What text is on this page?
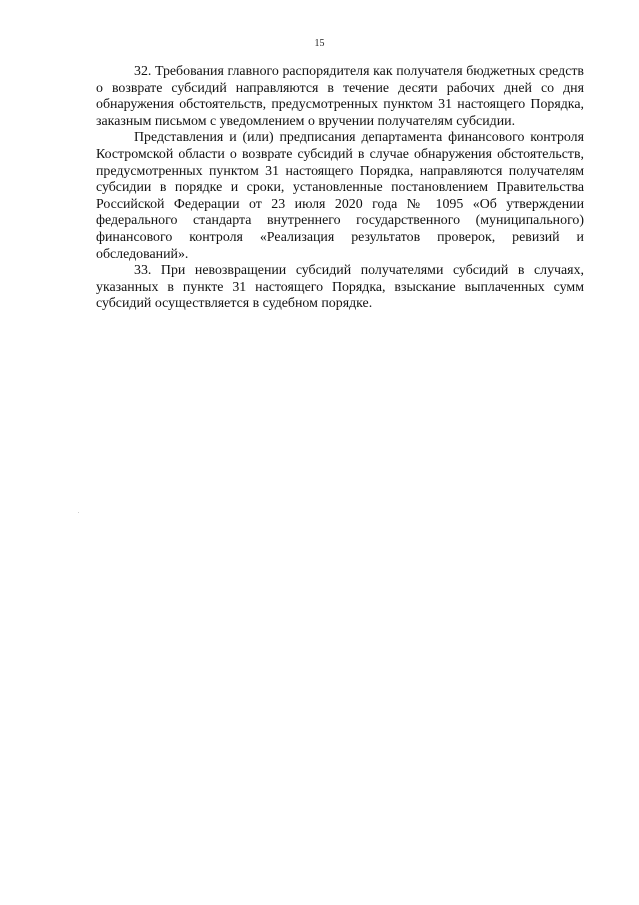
15

32. Требования главного распорядителя как получателя бюджетных средств о возврате субсидий направляются в течение десяти рабочих дней со дня обнаружения обстоятельств, предусмотренных пунктом 31 настоящего Порядка, заказным письмом с уведомлением о вручении получателям субсидии.

Представления и (или) предписания департамента финансового контроля Костромской области о возврате субсидий в случае обнаружения обстоятельств, предусмотренных пунктом 31 настоящего Порядка, направляются получателям субсидии в порядке и сроки, установленные постановлением Правительства Российской Федерации от 23 июля 2020 года № 1095 «Об утверждении федерального стандарта внутреннего государственного (муниципального) финансового контроля «Реализация результатов проверок, ревизий и обследований».

33. При невозвращении субсидий получателями субсидий в случаях, указанных в пункте 31 настоящего Порядка, взыскание выплаченных сумм субсидий осуществляется в судебном порядке.
